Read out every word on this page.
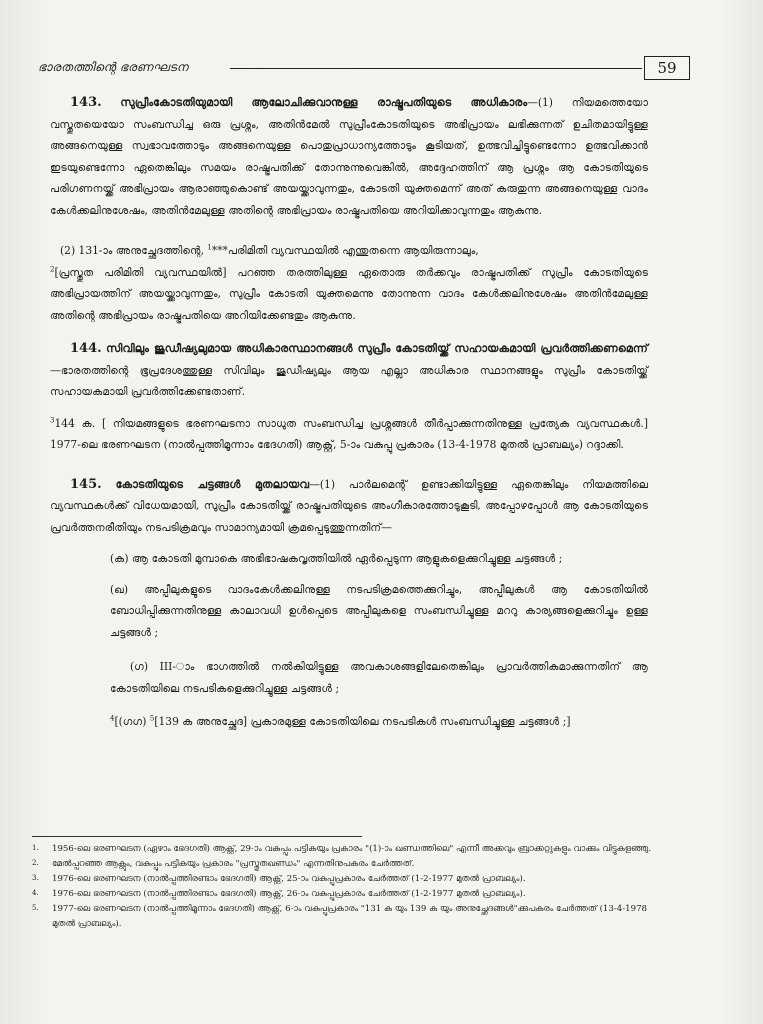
ഭാരതത്തിന്റെ ഭരണഘടന	59

143. സുപ്രീംകോടതിയുമായി ആലോചിക്കുവാനുള്ള രാഷ്ട്രപതിയുടെ അധികാരം—(1) നിയമത്തെയോ വസ്തുതയെയോ സംബന്ധിച്ച ഒരു പ്രശ്നം, അതിൻമേൽ സുപ്രീംകോടതിയുടെ അഭിപ്രായം ലഭിക്കുന്നത് ഉചിതമായിട്ടുള്ള അങ്ങനെയുള്ള സ്വഭാവത്തോടും അങ്ങനെയുള്ള പൊതുപ്രാധാന്യത്തോടും കൂടിയത്, ഉത്ഭവിച്ചിട്ടുണ്ടെന്നോ ഉത്ഭവിക്കാൻ ഇടയുണ്ടെന്നോ ഏതെങ്കിലും സമയം രാഷ്ട്രപതിക്ക് തോന്നുന്നുവെങ്കിൽ, അദ്ദേഹത്തിന് ആ പ്രശ്നം ആ കോടതിയുടെ പരിഗണനയ്ക്ക് അഭിപ്രായം ആരാഞ്ഞുകൊണ്ട് അയയ്ക്കാവുന്നതും, കോടതി യുക്തമെന്ന് അത് കരുതുന്ന അങ്ങനെയുള്ള വാദം കേൾക്കലിനുശേഷം, അതിൻമേലുള്ള അതിന്റെ അഭിപ്രായം രാഷ്ട്രപതിയെ അറിയിക്കാവുന്നതും ആകുന്നു.

(2) 131-ാം അനുച്ഛേദത്തിന്റെ, $^1$***പരിമിതി വ്യവസ്ഥയിൽ എന്തുതന്നെ ആയിരുന്നാലും,
$^2$[പ്രസ്തുത പരിമിതി വ്യവസ്ഥയിൽ] പറഞ്ഞ തരത്തിലുള്ള ഏതൊരു തർക്കവും രാഷ്ട്രപതിക്ക് സുപ്രീം കോടതിയുടെ അഭിപ്രായത്തിന് അയയ്ക്കാവുന്നതും, സുപ്രീം കോടതി യുക്തമെന്നു തോന്നുന്ന വാദം കേൾക്കലിനുശേഷം അതിൻമേലുള്ള അതിന്റെ അഭിപ്രായം രാഷ്ട്രപതിയെ അറിയിക്കേണ്ടതും ആകുന്നു.

144. സിവിലും ജുഡീഷ്യലുമായ അധികാരസ്ഥാനങ്ങൾ സുപ്രീം കോടതിയ്ക്ക് സഹായകമായി പ്രവർത്തിക്കണമെന്ന്—ഭാരതത്തിന്റെ ഭൂപ്രദേശത്തുള്ള സിവിലും ജുഡീഷ്യലും ആയ എല്ലാ അധികാര സ്ഥാനങ്ങളും സുപ്രീം കോടതിയ്ക്ക് സഹായകമായി പ്രവർത്തിക്കേണ്ടതാണ്.

$^3$144 ക. [ നിയമങ്ങളുടെ ഭരണഘടനാ സാധുത സംബന്ധിച്ച പ്രശ്നങ്ങൾ തീർപ്പാക്കുന്നതിനുള്ള പ്രത്യേക വ്യവസ്ഥകൾ.] 1977-ലെ ഭരണഘടന (നാൽപ്പത്തിമൂന്നാം ഭേദഗതി) ആക്റ്റ്, 5-ാം വകുപ്പു പ്രകാരം (13-4-1978 മുതൽ പ്രാബല്യം) റദ്ദാക്കി.

145. കോടതിയുടെ ചട്ടങ്ങൾ മുതലായവ—(1) പാർലമെന്റ് ഉണ്ടാക്കിയിട്ടുള്ള ഏതെങ്കിലും നിയമത്തിലെ വ്യവസ്ഥകൾക്ക് വിധേയമായി, സുപ്രീം കോടതിയ്ക്ക് രാഷ്ട്രപതിയുടെ അംഗീകാരത്തോടുകൂടി, അപ്പോഴപ്പോൾ ആ കോടതിയുടെ പ്രവർത്തനരീതിയും നടപടിക്രമവും സാമാന്യമായി ക്രമപ്പെടുത്തുന്നതിന്—

(ക) ആ കോടതി മുമ്പാകെ അഭിഭാഷകവൃത്തിയിൽ ഏർപ്പെടുന്ന ആളുകളെക്കുറിച്ചുള്ള ചട്ടങ്ങൾ ;

(ഖ) അപ്പീലുകളുടെ വാദംകേൾക്കലിനുള്ള നടപടിക്രമത്തെക്കുറിച്ചും, അപ്പീലുകൾ ആ കോടതിയിൽ ബോധിപ്പിക്കുന്നതിനുള്ള കാലാവധി ഉൾപ്പെടെ അപ്പീലുകളെ സംബന്ധിച്ചുള്ള മററു കാര്യങ്ങളെക്കുറിച്ചും ഉള്ള ചട്ടങ്ങൾ ;

(ഗ) III-ാം ഭാഗത്തിൽ നൽകിയിട്ടുള്ള അവകാശങ്ങളിലേതെങ്കിലും പ്രാവർത്തികമാക്കുന്നതിന് ആ കോടതിയിലെ നടപടികളെക്കുറിച്ചുള്ള ചട്ടങ്ങൾ ;

$^4$[(ഗഗ) $^5$[139 ക അനുച്ഛേദ] പ്രകാരമുള്ള കോടതിയിലെ നടപടികൾ സംബന്ധിച്ചുള്ള ചട്ടങ്ങൾ ;]

1.	1956-ലെ ഭരണഘടന (ഏഴാം ഭേദഗതി) ആക്റ്റ്, 29-ാം വകുപ്പും പട്ടികയും പ്രകാരം "(1)-ാം ഖണ്ഡത്തിലെ" എന്നീ അക്കവും ബ്രാക്കറ്റുകളും വാക്കും വിട്ടുകളഞ്ഞു.
2.	മേൽപ്പറഞ്ഞ ആക്റ്റും, വകുപ്പും പട്ടികയും പ്രകാരം "പ്രസ്തുതഖണ്ഡം" എന്നതിനുപകരം ചേർത്തത്.
3.	1976-ലെ ഭരണഘടന (നാൽപ്പത്തിരണ്ടാം ഭേദഗതി) ആക്റ്റ്, 25-ാം വകുപ്പുപ്രകാരം ചേർത്തത് (1-2-1977 മുതൽ പ്രാബല്യം).
4.	1976-ലെ ഭരണഘടന (നാൽപ്പത്തിരണ്ടാം ഭേദഗതി) ആക്റ്റ്, 26-ാം വകുപ്പുപ്രകാരം ചേർത്തത് (1-2-1977 മുതൽ പ്രാബല്യം).
5.	1977-ലെ ഭരണഘടന (നാൽപ്പത്തിമൂന്നാം ഭേദഗതി) ആക്റ്റ്, 6-ാം വകുപ്പുപ്രകാരം "131 ക യും 139 ക യും അനുച്ഛേദങ്ങൾ"ക്കുപകരം ചേർത്തത് (13-4-1978 മുതൽ പ്രാബല്യം).
